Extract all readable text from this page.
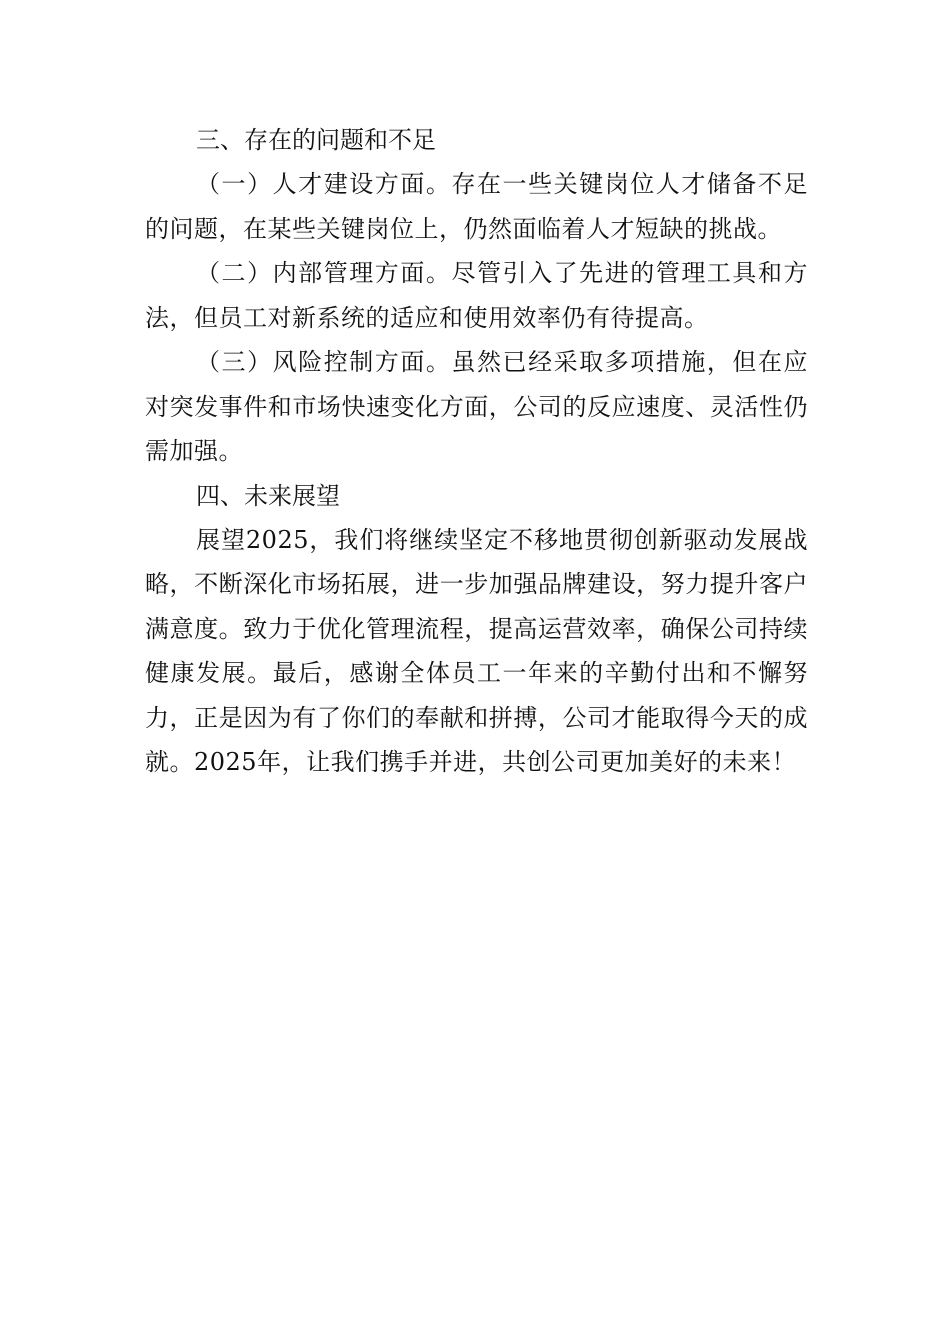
三、存在的问题和不足

（一）人才建设方面。存在一些关键岗位人才储备不足的问题，在某些关键岗位上，仍然面临着人才短缺的挑战。

（二）内部管理方面。尽管引入了先进的管理工具和方法，但员工对新系统的适应和使用效率仍有待提高。

（三）风险控制方面。虽然已经采取多项措施，但在应对突发事件和市场快速变化方面，公司的反应速度、灵活性仍需加强。

四、未来展望

展望2025，我们将继续坚定不移地贯彻创新驱动发展战略，不断深化市场拓展，进一步加强品牌建设，努力提升客户满意度。致力于优化管理流程，提高运营效率，确保公司持续健康发展。最后，感谢全体员工一年来的辛勤付出和不懈努力，正是因为有了你们的奉献和拼搏，公司才能取得今天的成就。2025年，让我们携手并进，共创公司更加美好的未来！
